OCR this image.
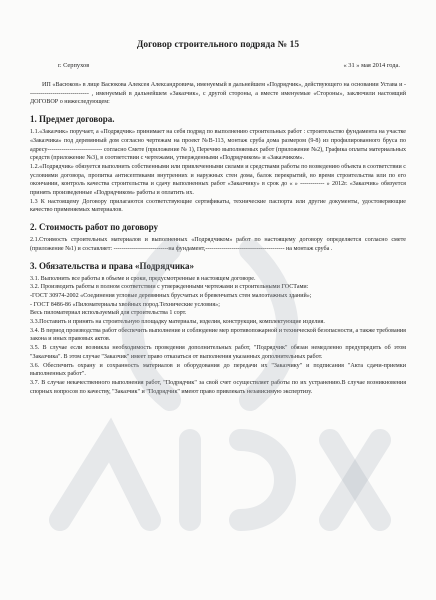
Договор строительного подряда № 15
г. Серпухов	« 31 » мая 2014 года.

ИП «Васюков» в лице Васюкова Алексея Александровича, именуемый в дальнейшем «Подрядчик», действующего на основании Устава и ------------------------------ , именуемый в дальнейшем «Заказчик», с другой стороны, а вместе именуемые «Стороны», заключили настоящий ДОГОВОР о нижеследующем:

1. Предмет договора.

1.1.«Заказчик» поручает, а «Подрядчик» принимает на себя подряд по выполнению строительных работ : строительство фундамента на участке «Заказчика» под деревянный дом согласно чертежам на проект №В-113, монтаж сруба дома размером (9-8) из профилированного бруса по адресу--------------------------- согласно Смете (приложение № 1), Перечню выполняемых работ (приложение №2), Графика оплаты материальных средств (приложение №3), в соответствии с чертежами, утвержденными «Подрядчиком» и «Заказчиком».

1.2.«Подрядчик» обязуется выполнить собственными или привлеченными силами и средствами работы по возведению объекта в соответствии с условиями договора, пропитка антисептиками внутренних и наружных стен дома, балок перекрытий, во время строительства или по его окончании, контроль качества строительства и сдачу выполненных работ «Заказчику» в срок до « » ------------ » 2012г. «Заказчик» обязуется принять произведенные «Подрядчиком» работы и оплатить их.

1.3 К настоящему Договору прилагаются соответствующие сертификаты, технические паспорта или другие документы, удостоверяющие качество применяемых материалов.

2. Стоимость работ по договору

2.1.Стоимость строительных материалов и выполненных «Подрядчиком» работ по настоящему договору определяется согласно смете (приложение №1) и составляет: ---------------------------на фундамент,--------------------------------------- на монтаж сруба .

3. Обязательства и права «Подрядчика»

3.1. Выполнить все работы в объеме и сроки, предусмотренные в настоящем договоре.

3.2. Производить работы в полном соответствии с утвержденными чертежами и строительными ГОСТами:

-ГОСТ 30974-2002 «Соединения угловые деревянных брусчатых и бревенчатых стен малоэтажных зданий»;

- ГОСТ 8486-86 «Пиломатериалы хвойных пород.Технические условия»;

Весь пиломатериал используемый для строительства 1 сорт.

3.3.Поставить и принять на строительную площадку материалы, изделия, конструкции, комплектующие изделия.

3.4. В период производства работ обеспечить выполнение и соблюдение мер противопожарной и технической безопасности, а также требования закона и иных правовых актов.

3.5. В случае если возникла необходимость проведения дополнительных работ, "Подрядчик" обязан немедленно предупредить об этом "Заказчика". В этом случае "Заказчик" имеет право отказаться от выполнения указанных дополнительных работ.

3.6. Обеспечить охрану и сохранность материалов и оборудования до передачи их "Заказчику" и подписания "Акта сдачи-приемки выполненных работ".

3.7. В случае некачественного выполнения работ, "Подрядчик" за свой счет осуществляет работы по их устранению.В случае возникновения спорных вопросов по качеству, "Заказчик" и "Подрядчик" имеют право привлекать независимую экспертизу.
